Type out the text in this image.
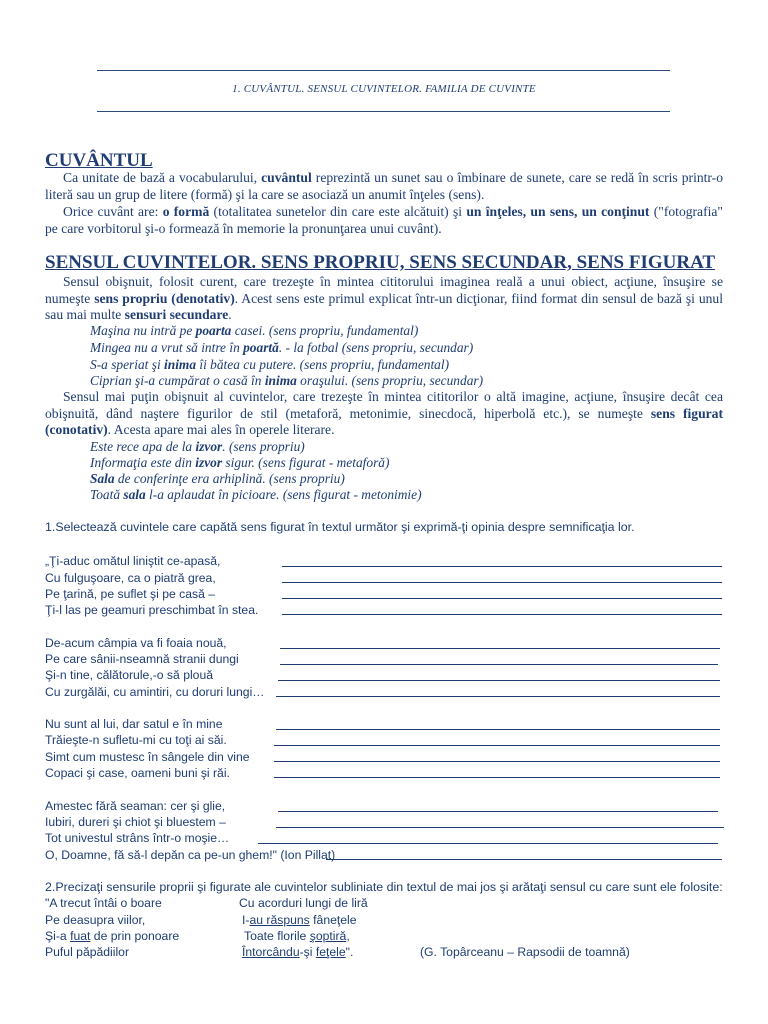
1. CUVÂNTUL. SENSUL CUVINTELOR. FAMILIA DE CUVINTE
CUVÂNTUL
Ca unitate de bază a vocabularului, cuvântul reprezintă un sunet sau o îmbinare de sunete, care se redă în scris printr-o literă sau un grup de litere (formă) şi la care se asociază un anumit înţeles (sens).
Orice cuvânt are: o formă (totalitatea sunetelor din care este alcătuit) şi un înţeles, un sens, un conţinut ("fotografia" pe care vorbitorul şi-o formează în memorie la pronunţarea unui cuvânt).
SENSUL CUVINTELOR. SENS PROPRIU, SENS SECUNDAR, SENS FIGURAT
Sensul obişnuit, folosit curent, care trezeşte în mintea cititorului imaginea reală a unui obiect, acţiune, însuşire se numeşte sens propriu (denotativ). Acest sens este primul explicat într-un dicţionar, fiind format din sensul de bază şi unul sau mai multe sensuri secundare.
Maşina nu intră pe poarta casei. (sens propriu, fundamental)
Mingea nu a vrut să intre în poartă. - la fotbal (sens propriu, secundar)
S-a speriat şi inima îi bătea cu putere. (sens propriu, fundamental)
Ciprian şi-a cumpărat o casă în inima oraşului. (sens propriu, secundar)
Sensul mai puţin obişnuit al cuvintelor, care trezeşte în mintea cititorilor o altă imagine, acţiune, însuşire decât cea obişnuită, dând naştere figurilor de stil (metaforă, metonimie, sinecdocă, hiperbolă etc.), se numeşte sens figurat (conotativ). Acesta apare mai ales în operele literare.
Este rece apa de la izvor. (sens propriu)
Informaţia este din izvor sigur. (sens figurat - metaforă)
Sala de conferinţe era arhiplină. (sens propriu)
Toată sala l-a aplaudat în picioare. (sens figurat - metonimie)
1.Selectează cuvintele care capătă sens figurat în textul următor şi exprimă-ţi opinia despre semnificaţia lor.
„Ţi-aduc omătul liniştit ce-apasă,
Cu fulguşoare, ca o piatră grea,
Pe ţarină, pe suflet şi pe casă –
Ţi-l las pe geamuri preschimbat în stea.
De-acum câmpia va fi foaia nouă,
Pe care sânii-nseamnă stranii dungi
Şi-n tine, călătorule,-o să plouă
Cu zurgălăi, cu amintiri, cu doruri lungi…
Nu sunt al lui, dar satul e în mine
Trăieşte-n sufletu-mi cu toţi ai săi.
Simt cum mustesc în sângele din vine
Copaci şi case, oameni buni şi răi.
Amestec fără seaman: cer şi glie,
Iubiri, dureri şi chiot şi bluestem –
Tot univestul strâns într-o moşie…
O, Doamne, fă să-l depăn ca pe-un ghem!" (Ion Pillat)
2.Precizaţi sensurile proprii şi figurate ale cuvintelor subliniate din textul de mai jos şi arătaţi sensul cu care sunt ele folosite:
"A trecut întâi o boare
Pe deasupra viilor,
Şi-a fuat de prin ponoare
Puful păpădiilor
Cu acorduri lungi de liră
I-au răspuns fâneţele
Toate florile şoptiră,
Întorcându-şi feţele".	(G. Topârceanu – Rapsodii de toamnă)
